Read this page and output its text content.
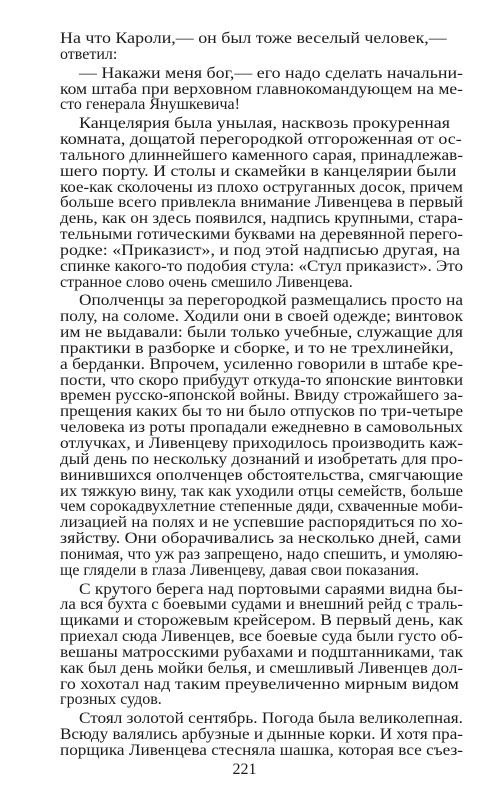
На что Кароли,— он был тоже веселый человек,—
ответил:
— Накажи меня бог,— его надо сделать начальни-
ком штаба при верховном главнокомандующем на ме-
сто генерала Янушкевича!
Канцелярия была унылая, насквозь прокуренная
комната, дощатой перегородкой отгороженная от ос-
тального длиннейшего каменного сарая, принадлежав-
шего порту. И столы и скамейки в канцелярии были
кое-как сколочены из плохо оструганных досок, причем
больше всего привлекла внимание Ливенцева в первый
день, как он здесь появился, надпись крупными, стара-
тельными готическими буквами на деревянной перего-
родке: «Приказист», и под этой надписью другая, на
спинке какого-то подобия стула: «Стул приказист». Это
странное слово очень смешило Ливенцева.
Ополченцы за перегородкой размещались просто на
полу, на соломе. Ходили они в своей одежде; винтовок
им не выдавали: были только учебные, служащие для
практики в разборке и сборке, и то не трехлинейки,
а берданки. Впрочем, усиленно говорили в штабе кре-
пости, что скоро прибудут откуда-то японские винтовки
времен русско-японской войны. Ввиду строжайшего за-
прещения каких бы то ни было отпусков по три-четыре
человека из роты пропадали ежедневно в самовольных
отлучках, и Ливенцеву приходилось производить каж-
дый день по нескольку дознаний и изобретать для про-
винившихся ополченцев обстоятельства, смягчающие
их тяжкую вину, так как уходили отцы семейств, больше
чем сорокадвухлетние степенные дяди, схваченные моби-
лизацией на полях и не успевшие распорядиться по хо-
зяйству. Они оборачивались за несколько дней, сами
понимая, что уж раз запрещено, надо спешить, и умоляю-
ще глядели в глаза Ливенцеву, давая свои показания.
С крутого берега над портовыми сараями видна бы-
ла вся бухта с боевыми судами и внешний рейд с траль-
щиками и сторожевым крейсером. В первый день, как
приехал сюда Ливенцев, все боевые суда были густо об-
вешаны матросскими рубахами и подштанниками, так
как был день мойки белья, и смешливый Ливенцев дол-
го хохотал над таким преувеличенно мирным видом
грозных судов.
Стоял золотой сентябрь. Погода была великолепная.
Всюду валялись арбузные и дынные корки. И хотя пра-
порщика Ливенцева стесняла шашка, которая все съез-
221
